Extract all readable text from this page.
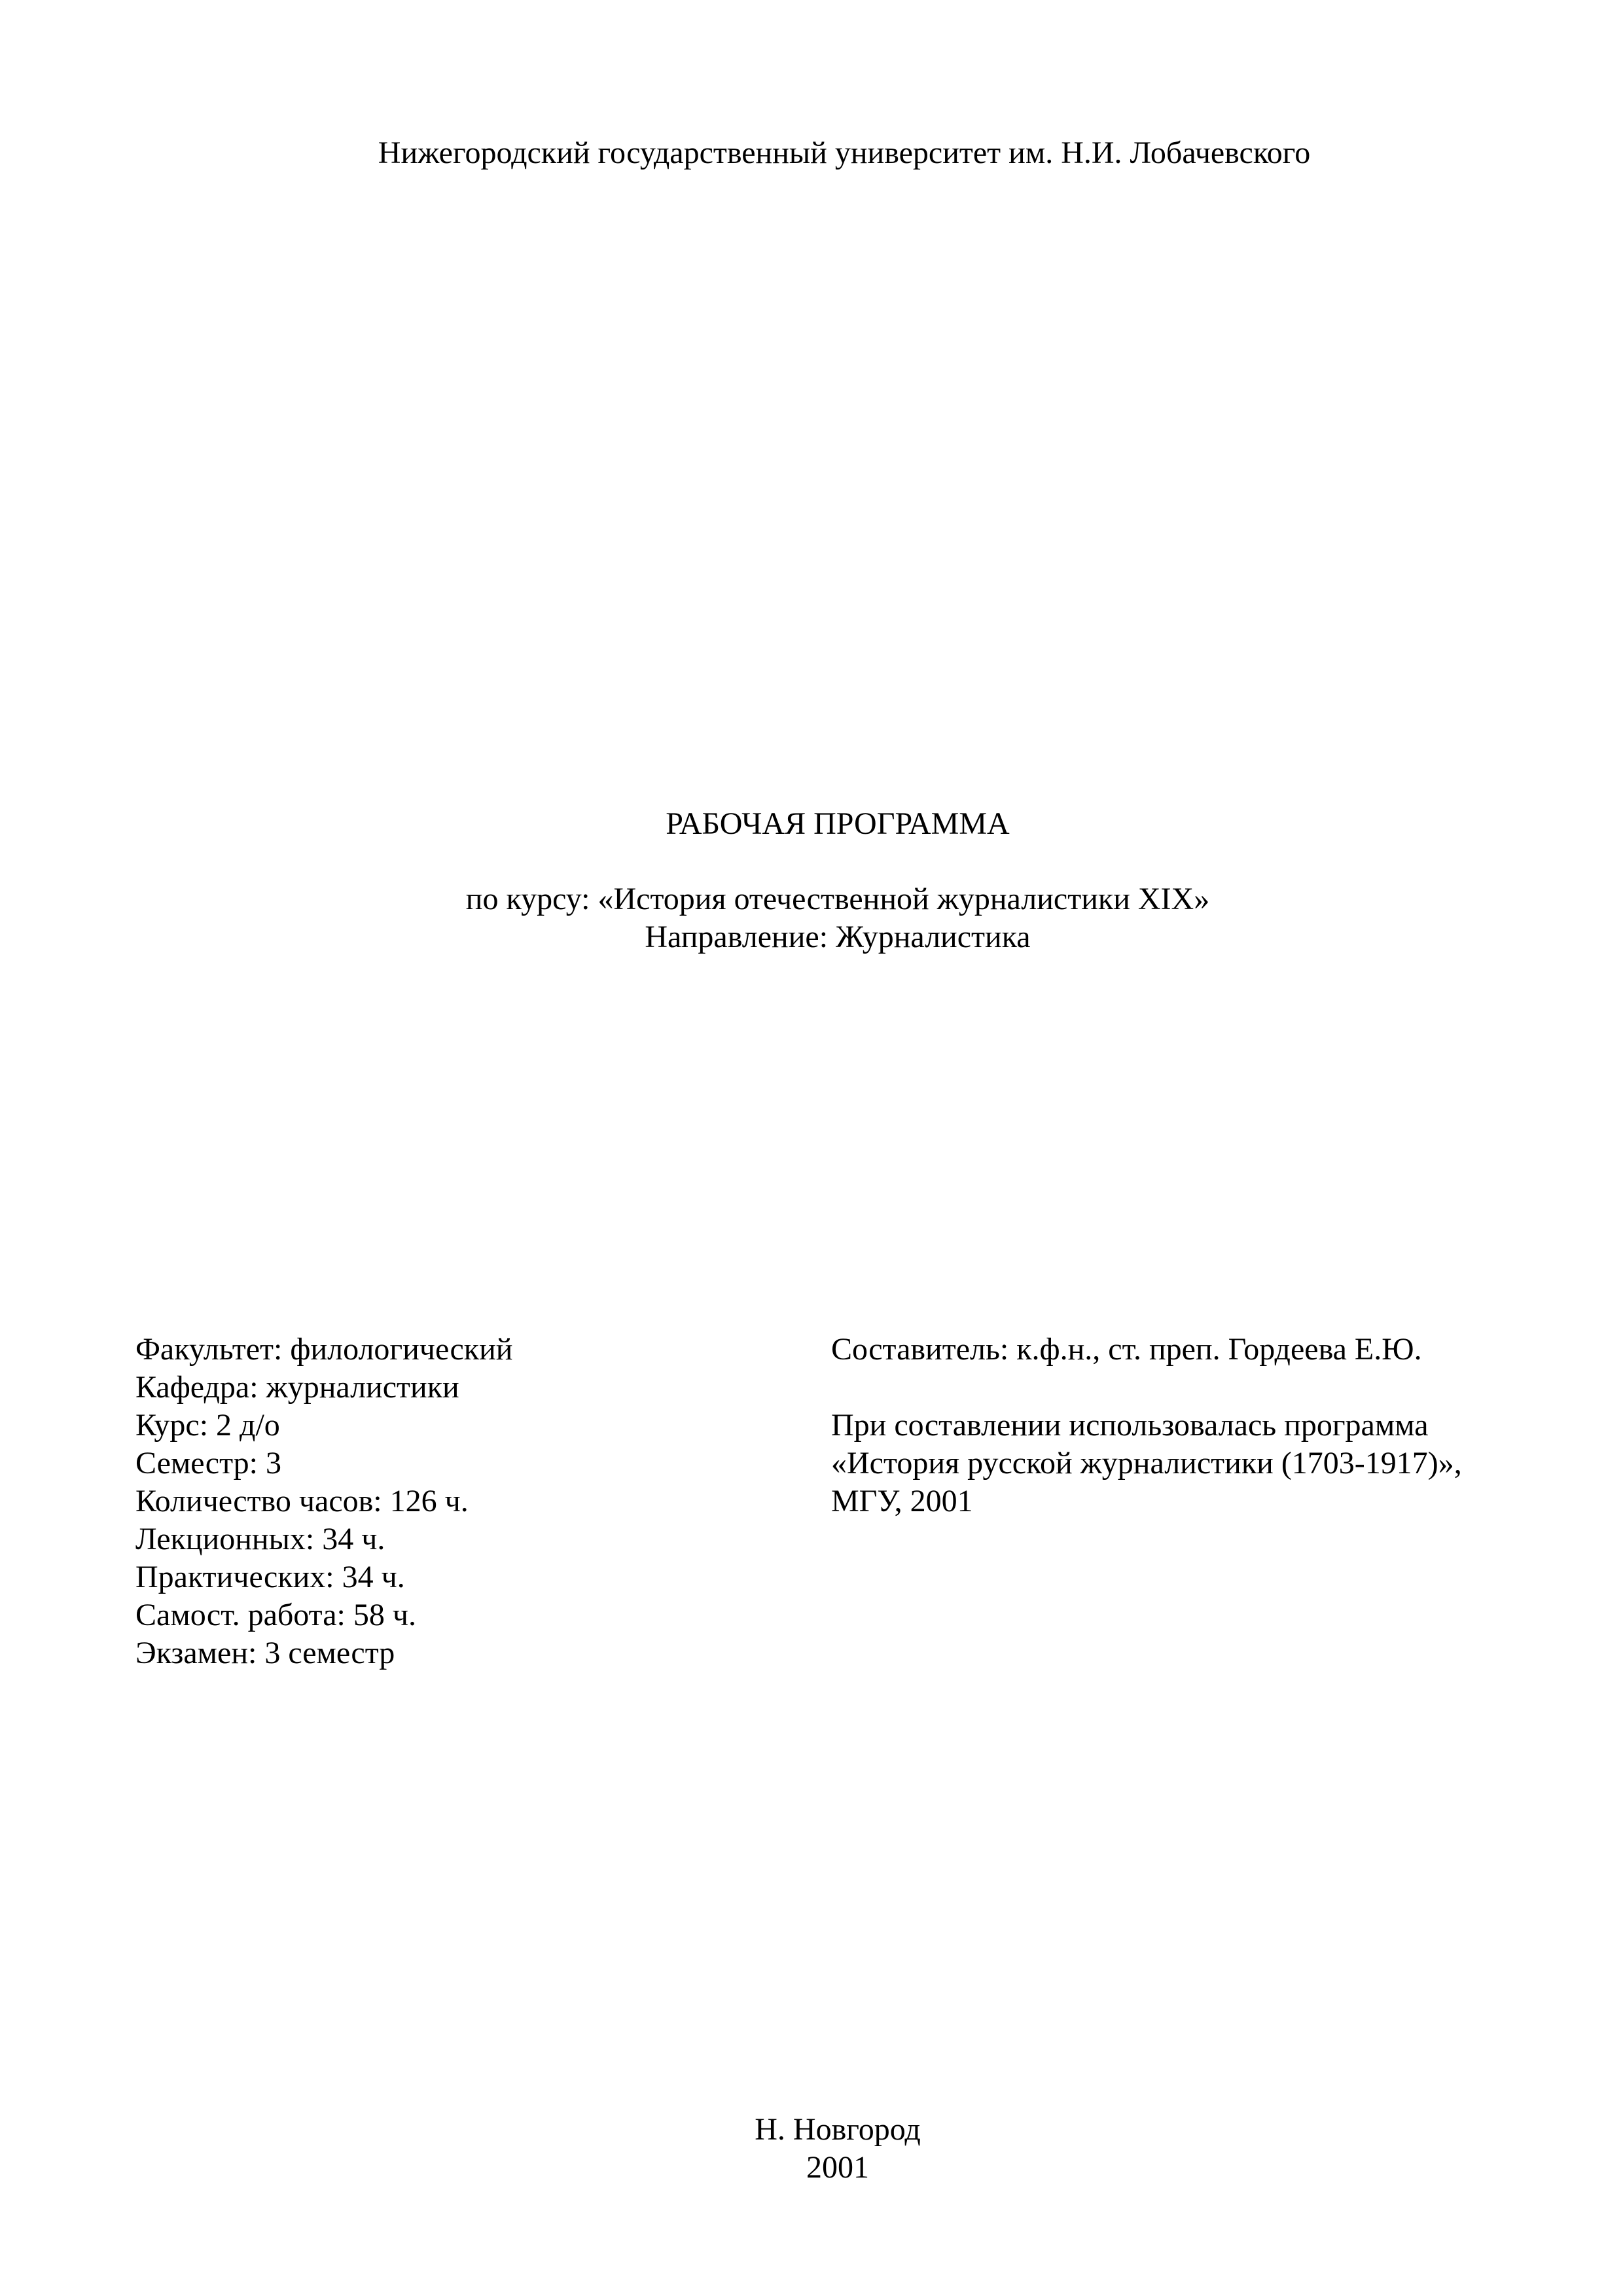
Нижегородский государственный университет им. Н.И. Лобачевского
РАБОЧАЯ ПРОГРАММА
по курсу: «История отечественной журналистики XIX»
Направление: Журналистика
Факультет: филологический
Кафедра: журналистики
Курс: 2 д/о
Семестр: 3
Количество часов: 126 ч.
Лекционных: 34 ч.
Практических: 34 ч.
Самост. работа: 58 ч.
Экзамен: 3 семестр
Составитель: к.ф.н., ст. преп. Гордеева Е.Ю.
При составлении использовалась программа
«История русской журналистики (1703-1917)»,
МГУ, 2001
Н. Новгород
2001
